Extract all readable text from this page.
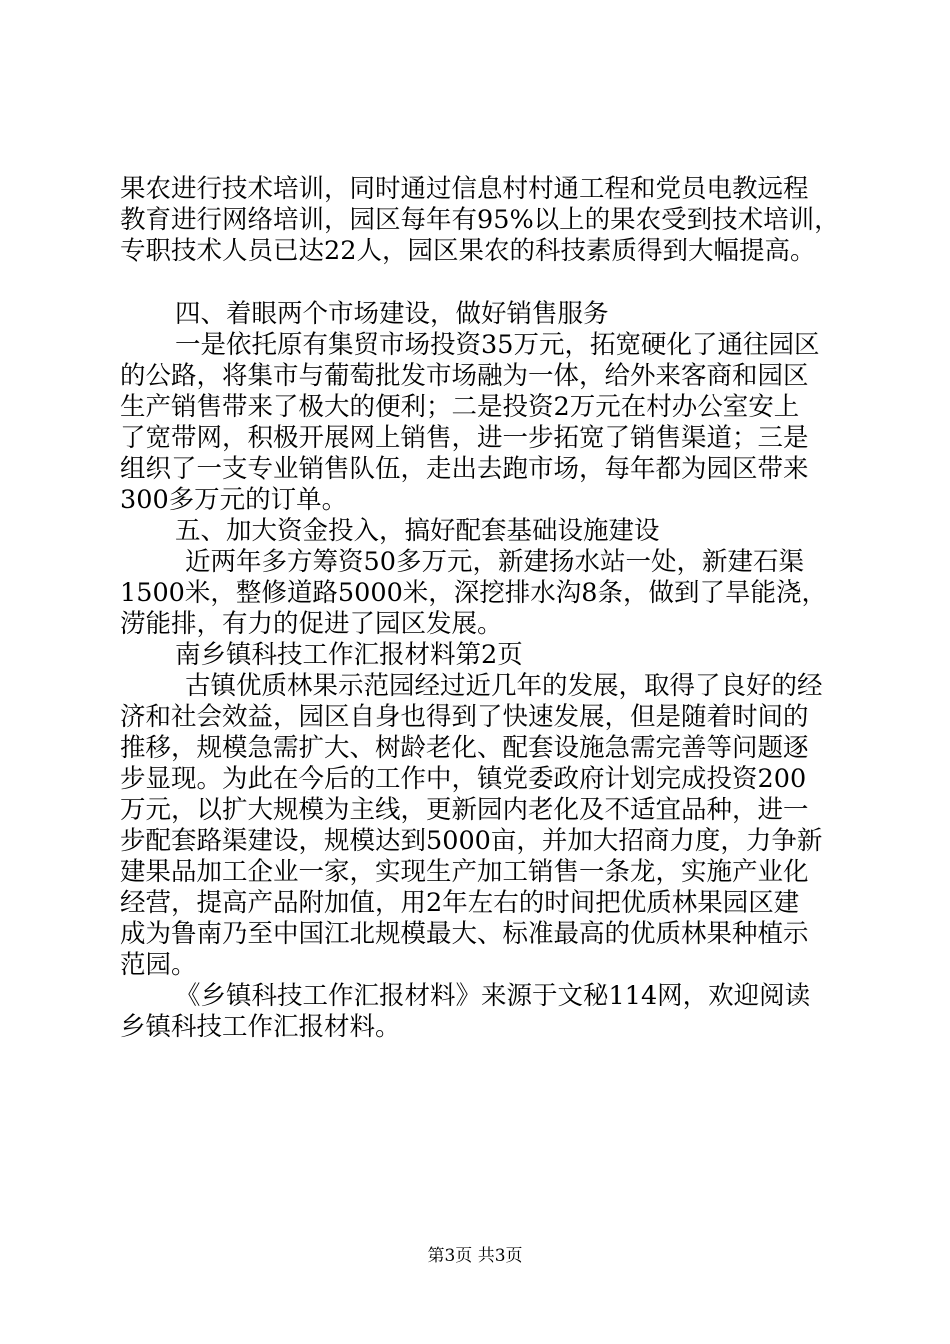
果农进行技术培训，同时通过信息村村通工程和党员电教远程
教育进行网络培训，园区每年有95%以上的果农受到技术培训，
专职技术人员已达22人，园区果农的科技素质得到大幅提高。
四、着眼两个市场建设，做好销售服务
一是依托原有集贸市场投资35万元，拓宽硬化了通往园区
的公路，将集市与葡萄批发市场融为一体，给外来客商和园区
生产销售带来了极大的便利；二是投资2万元在村办公室安上
了宽带网，积极开展网上销售，进一步拓宽了销售渠道；三是
组织了一支专业销售队伍，走出去跑市场，每年都为园区带来
300多万元的订单。
五、加大资金投入，搞好配套基础设施建设
近两年多方筹资50多万元，新建扬水站一处，新建石渠
1500米，整修道路5000米，深挖排水沟8条，做到了旱能浇，
涝能排，有力的促进了园区发展。
南乡镇科技工作汇报材料第2页
古镇优质林果示范园经过近几年的发展，取得了良好的经
济和社会效益，园区自身也得到了快速发展，但是随着时间的
推移，规模急需扩大、树龄老化、配套设施急需完善等问题逐
步显现。为此在今后的工作中，镇党委政府计划完成投资200
万元，以扩大规模为主线，更新园内老化及不适宜品种，进一
步配套路渠建设，规模达到5000亩，并加大招商力度，力争新
建果品加工企业一家，实现生产加工销售一条龙，实施产业化
经营，提高产品附加值，用2年左右的时间把优质林果园区建
成为鲁南乃至中国江北规模最大、标准最高的优质林果种植示
范园。
《乡镇科技工作汇报材料》来源于文秘114网，欢迎阅读
乡镇科技工作汇报材料。
第3页 共3页
